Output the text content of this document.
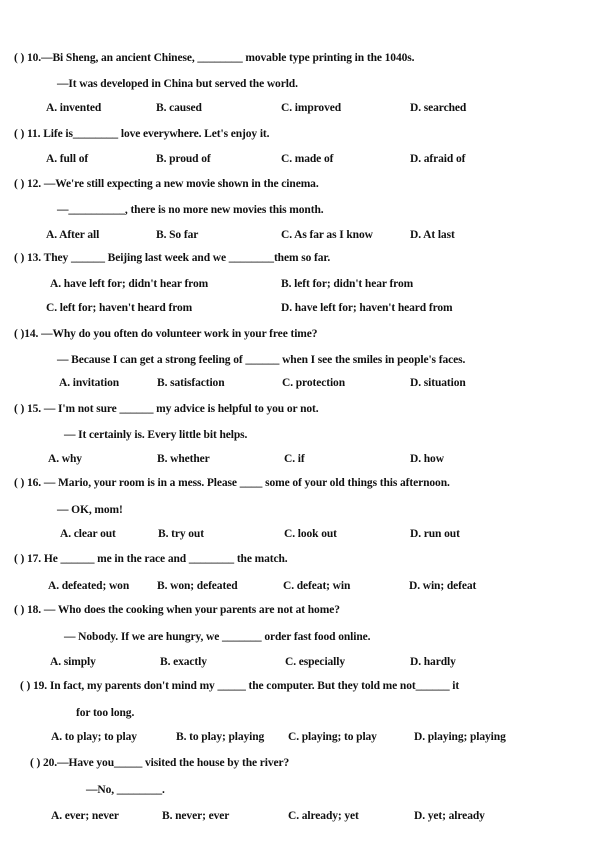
( ) 10.—Bi Sheng, an ancient Chinese, ________ movable type printing in the 1040s.
—It was developed in China but served the world.
A. invented	B. caused	C. improved	D. searched
( ) 11. Life is________ love everywhere. Let's enjoy it.
A. full of	B. proud of	C. made of	D. afraid of
( ) 12. —We're still expecting a new movie shown in the cinema.
—__________, there is no more new movies this month.
A. After all	B. So far	C. As far as I know	D. At last
( ) 13. They ______ Beijing last week and we ________them so far.
A. have left for; didn't hear from	B. left for; didn't hear from
C. left for; haven't heard from	D. have left for; haven't heard from
( )14. —Why do you often do volunteer work in your free time?
— Because I can get a strong feeling of ______ when I see the smiles in people's faces.
A. invitation	B. satisfaction	C. protection	D. situation
( ) 15. — I'm not sure ______ my advice is helpful to you or not.
— It certainly is. Every little bit helps.
A. why	B. whether	C. if	D. how
( ) 16. — Mario, your room is in a mess. Please ____ some of your old things this afternoon.
— OK, mom!
A. clear out	B. try out	C. look out	D. run out
( ) 17. He ______ me in the race and ________ the match.
A. defeated; won B. won; defeated	C. defeat; win	D. win; defeat
( ) 18. — Who does the cooking when your parents are not at home?
— Nobody. If we are hungry, we _______ order fast food online.
A. simply	B. exactly	C. especially	D. hardly
( ) 19. In fact, my parents don't mind my _____ the computer. But they told me not______ it
for too long.
A. to play; to play	B. to play; playing C. playing; to play	D. playing; playing
( ) 20.—Have you_____ visited the house by the river?
—No, ________.
A. ever; never	B. never; ever	C. already; yet	D. yet; already
